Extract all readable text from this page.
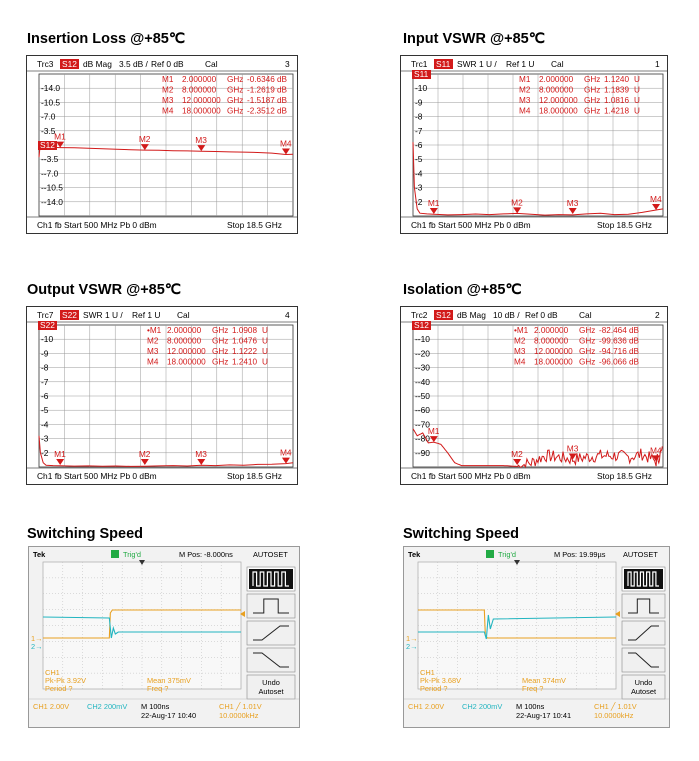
Insertion Loss @+85℃	Input VSWR @+85℃
Output VSWR @+85℃	Isolation @+85℃
Switching Speed	Switching Speed
Trc3 S12 dB Mag 3.5 dB / Ref 0 dB	Cal	3
-14.0
-10.5
-7.0
-3.5
--3.5
--7.0
--10.5
--14.0
M1 2.000000 GHz -0.6346 dB
M2 8.000000 GHz -1.2619 dB
M3 12.000000 GHz -1.5187 dB
M4 18.000000 GHz -2.3512 dB
S12
M1	M2	M3	M4
Ch1 fb Start 500 MHz Pb 0 dBm	Stop 18.5 GHz
Trc1 S11 SWR 1 U / Ref 1 U Cal	1
-10
-9
-8
-7
-6
-5
-4
-3
-2
M1 2.000000 GHz 1.1240 U
M2 8.000000 GHz 1.1839 U
M3 12.000000 GHz 1.0816 U
M4 18.000000 GHz 1.4218 U
S11
M1	M2	M3	M4
Ch1 fb Start 500 MHz Pb 0 dBm	Stop 18.5 GHz
Trc7 S22 SWR 1 U / Ref 1 U Cal	4
-10
-9
-8
-7
-6
-5
-4
-3
-2
•M1 2.000000 GHz 1.0908 U
M2 8.000000 GHz 1.0476 U
M3 12.000000 GHz 1.1222 U
M4 18.000000 GHz 1.2410 U
S22
M1	M2	M3	M4
Ch1 fb Start 500 MHz Pb 0 dBm	Stop 18.5 GHz
Trc2 S12 dB Mag 10 dB / Ref 0 dB	Cal	2
--10
--20
--30
--40
--50
--60
--70
--80
--90
•M1 2.000000 GHz -82.464 dB
M2 8.000000 GHz -99.636 dB
M3 12.000000 GHz -94.716 dB
M4 18.000000 GHz -96.066 dB
S12
M1
M2
M3	M4
Ch1 fb Start 500 MHz Pb 0 dBm	Stop 18.5 GHz
Tek	Trig'd	M Pos: -8.000ns	AUTOSET
1→
2→
CH1
Pk-Pk 3.92V
Period ?
Mean 375mV
Freq ?
Undo
Autoset
CH1 2.00V CH2 200mV M 100ns
22-Aug-17 10:40
CH1 ╱ 1.01V
10.0000kHz
Tek	Trig'd	M Pos: 19.99µs AUTOSET
1→
2→
CH1
Pk-Pk 3.68V
Period ?
Mean 374mV
Freq ?
Undo
Autoset
CH1 2.00V CH2 200mV M 100ns
22-Aug-17 10:41
CH1 ╱ 1.01V
10.0000kHz
